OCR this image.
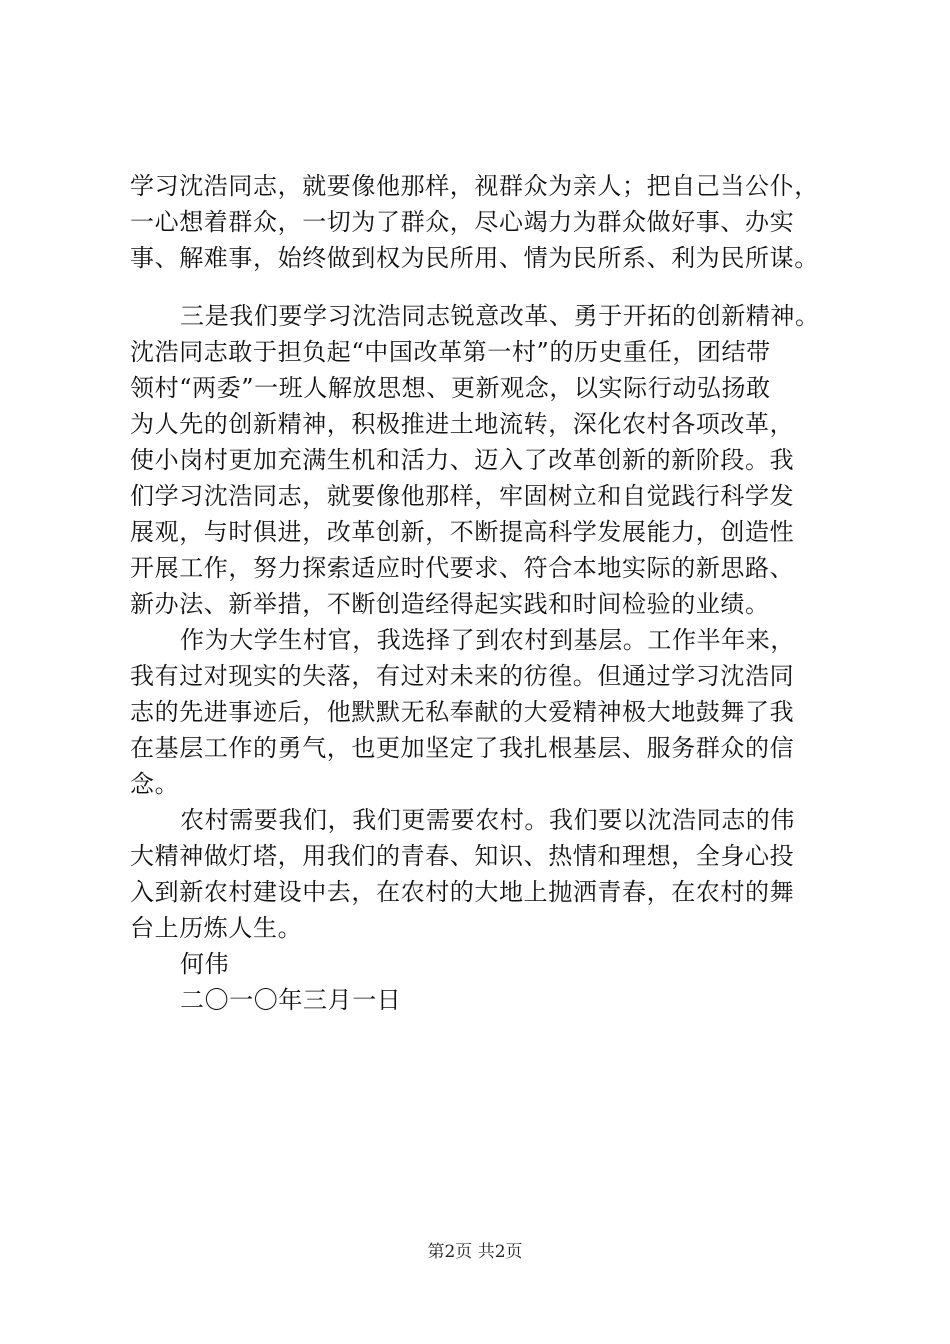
学习沈浩同志，就要像他那样，视群众为亲人；把自己当公仆，
一心想着群众，一切为了群众，尽心竭力为群众做好事、办实
事、解难事，始终做到权为民所用、情为民所系、利为民所谋。
三是我们要学习沈浩同志锐意改革、勇于开拓的创新精神。
沈浩同志敢于担负起“中国改革第一村”的历史重任，团结带
领村“两委”一班人解放思想、更新观念，以实际行动弘扬敢
为人先的创新精神，积极推进土地流转，深化农村各项改革，
使小岗村更加充满生机和活力、迈入了改革创新的新阶段。我
们学习沈浩同志，就要像他那样，牢固树立和自觉践行科学发
展观，与时俱进，改革创新，不断提高科学发展能力，创造性
开展工作，努力探索适应时代要求、符合本地实际的新思路、
新办法、新举措，不断创造经得起实践和时间检验的业绩。
作为大学生村官，我选择了到农村到基层。工作半年来，
我有过对现实的失落，有过对未来的彷徨。但通过学习沈浩同
志的先进事迹后，他默默无私奉献的大爱精神极大地鼓舞了我
在基层工作的勇气，也更加坚定了我扎根基层、服务群众的信
念。
农村需要我们，我们更需要农村。我们要以沈浩同志的伟
大精神做灯塔，用我们的青春、知识、热情和理想，全身心投
入到新农村建设中去，在农村的大地上抛洒青春，在农村的舞
台上历炼人生。
何伟
二〇一〇年三月一日
第2页 共2页
